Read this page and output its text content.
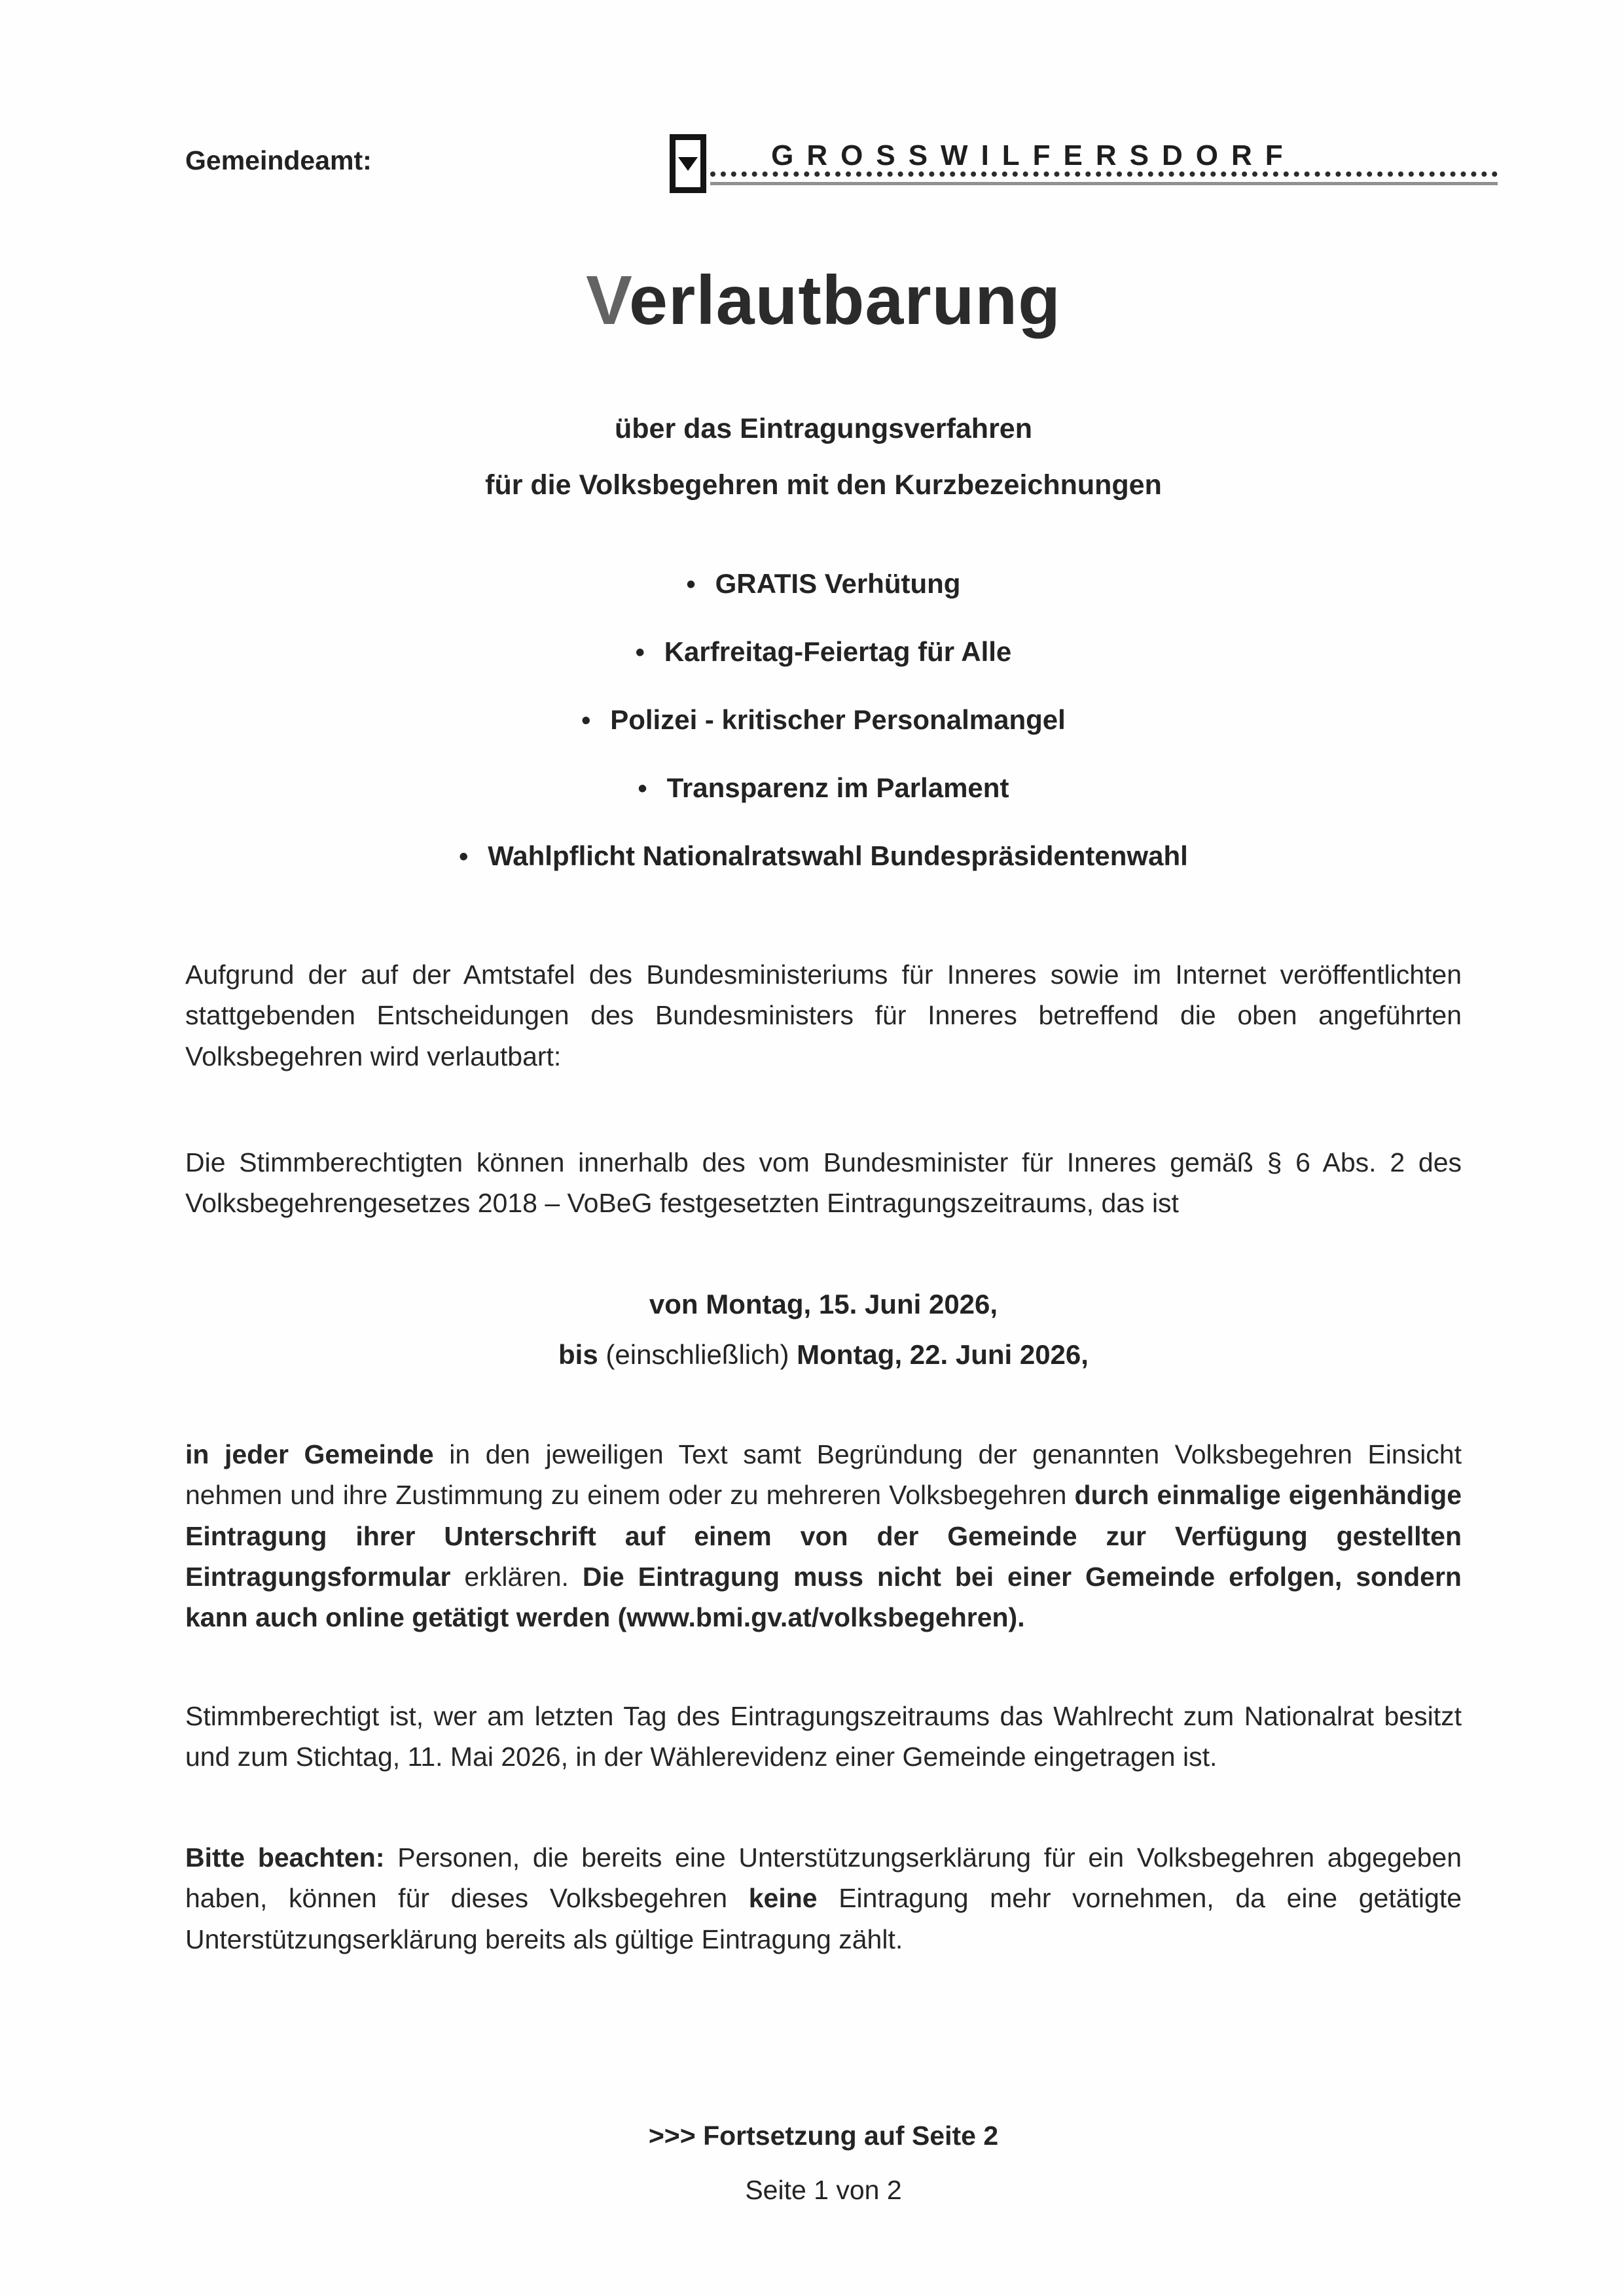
Gemeindeamt:	GROSSWILFERSDORF
Verlautbarung
über das Eintragungsverfahren
für die Volksbegehren mit den Kurzbezeichnungen
• GRATIS Verhütung
• Karfreitag-Feiertag für Alle
• Polizei - kritischer Personalmangel
• Transparenz im Parlament
• Wahlpflicht Nationalratswahl Bundespräsidentenwahl

Aufgrund der auf der Amtstafel des Bundesministeriums für Inneres sowie im Internet veröffentlichten stattgebenden Entscheidungen des Bundesministers für Inneres betreffend die oben angeführten Volksbegehren wird verlautbart:

Die Stimmberechtigten können innerhalb des vom Bundesminister für Inneres gemäß § 6 Abs. 2 des Volksbegehrengesetzes 2018 – VoBeG festgesetzten Eintragungszeitraums, das ist

von Montag, 15. Juni 2026,
bis (einschließlich) Montag, 22. Juni 2026,

in jeder Gemeinde in den jeweiligen Text samt Begründung der genannten Volksbegehren Einsicht nehmen und ihre Zustimmung zu einem oder zu mehreren Volksbegehren durch einmalige eigenhändige Eintragung ihrer Unterschrift auf einem von der Gemeinde zur Verfügung gestellten Eintragungsformular erklären. Die Eintragung muss nicht bei einer Gemeinde erfolgen, sondern kann auch online getätigt werden (www.bmi.gv.at/volksbegehren).

Stimmberechtigt ist, wer am letzten Tag des Eintragungszeitraums das Wahlrecht zum Nationalrat besitzt und zum Stichtag, 11. Mai 2026, in der Wählerevidenz einer Gemeinde eingetragen ist.

Bitte beachten: Personen, die bereits eine Unterstützungserklärung für ein Volksbegehren abgegeben haben, können für dieses Volksbegehren keine Eintragung mehr vornehmen, da eine getätigte Unterstützungserklärung bereits als gültige Eintragung zählt.

>>> Fortsetzung auf Seite 2
Seite 1 von 2
